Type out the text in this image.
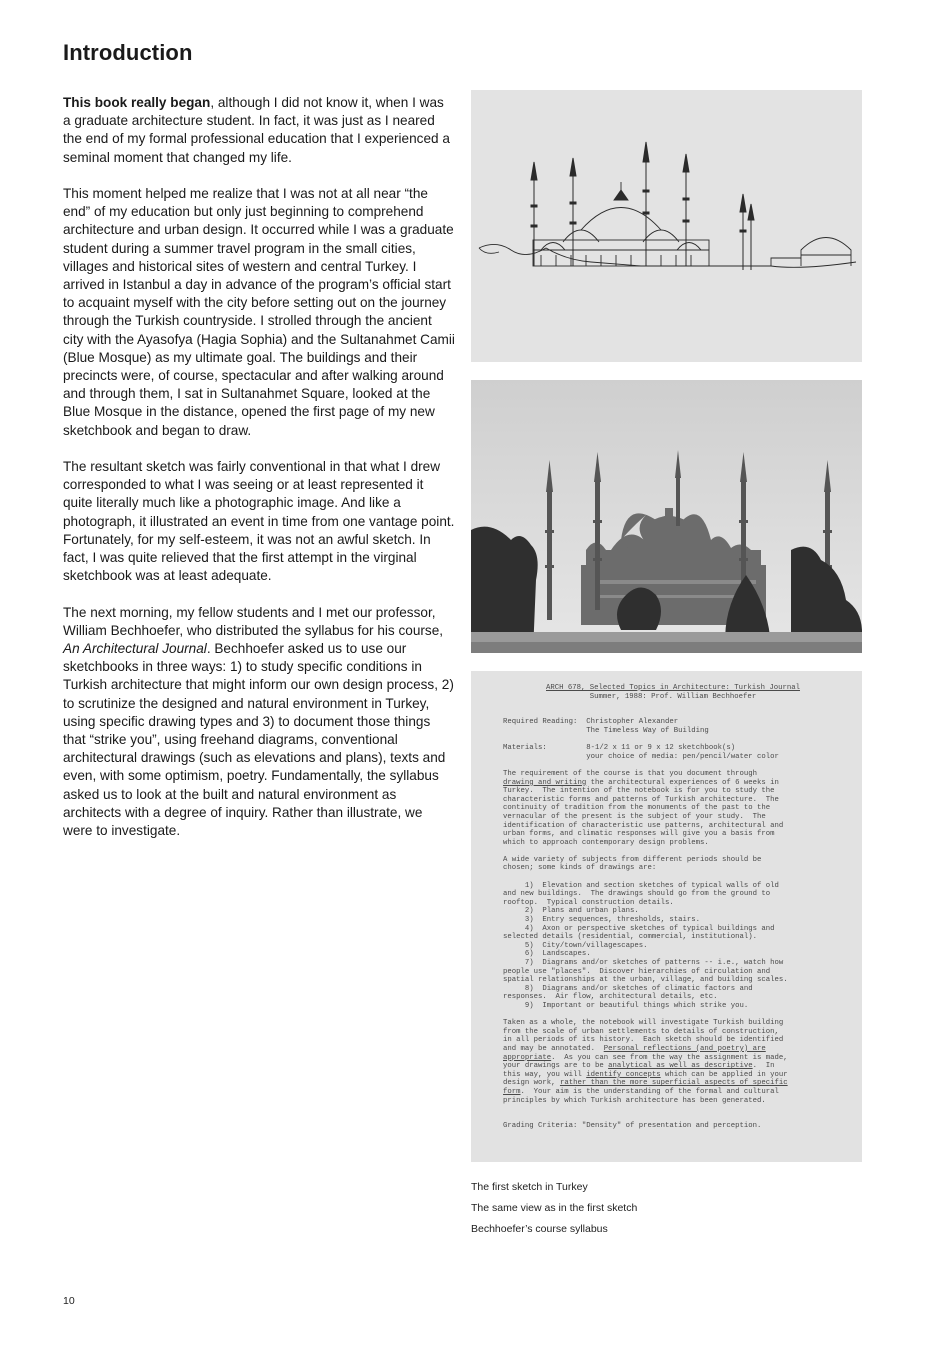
Introduction

This book really began, although I did not know it, when I was a graduate architecture student. In fact, it was just as I neared the end of my formal professional education that I experienced a seminal moment that changed my life.

This moment helped me realize that I was not at all near “the end” of my education but only just beginning to comprehend architecture and urban design. It occurred while I was a graduate student during a summer travel program in the small cities, villages and historical sites of western and central Turkey. I arrived in Istanbul a day in advance of the program’s official start to acquaint myself with the city before setting out on the journey through the Turkish countryside. I strolled through the ancient city with the Ayasofya (Hagia Sophia) and the Sultanahmet Camii (Blue Mosque) as my ultimate goal. The buildings and their precincts were, of course, spectacular and after walking around and through them, I sat in Sultanahmet Square, looked at the Blue Mosque in the distance, opened the first page of my new sketchbook and began to draw.

The resultant sketch was fairly conventional in that what I drew corresponded to what I was seeing or at least represented it quite literally much like a photographic image. And like a photograph, it illustrated an event in time from one vantage point. Fortunately, for my self-esteem, it was not an awful sketch. In fact, I was quite relieved that the first attempt in the virginal sketchbook was at least adequate.

The next morning, my fellow students and I met our professor, William Bechhoefer, who distributed the syllabus for his course, An Architectural Journal. Bechhoefer asked us to use our sketchbooks in three ways: 1) to study specific conditions in Turkish architecture that might inform our own design process, 2) to scrutinize the designed and natural environment in Turkey, using specific drawing types and 3) to document those things that “strike you”, using freehand diagrams, conventional architectural drawings (such as elevations and plans), texts and even, with some optimism, poetry. Fundamentally, the syllabus asked us to look at the built and natural environment as architects with a degree of inquiry. Rather than illustrate, we were to investigate.

ARCH 678, Selected Topics in Architecture: Turkish Journal
Summer, 1988: Prof. William Bechhoefer

Required Reading: Christopher Alexander
The Timeless Way of Building

Materials:	8-1/2 x 11 or 9 x 12 sketchbook(s)
your choice of media: pen/pencil/water color

The requirement of the course is that you document through
drawing and writing the architectural experiences of 6 weeks in
Turkey.  The intention of the notebook is for you to study the
characteristic forms and patterns of Turkish architecture.  The
continuity of tradition from the monuments of the past to the
vernacular of the present is the subject of your study.  The
identification of characteristic use patterns, architectural and
urban forms, and climatic responses will give you a basis from
which to approach contemporary design problems.

A wide variety of subjects from different periods should be
chosen; some kinds of drawings are:

1)  Elevation and section sketches of typical walls of old
and new buildings.  The drawings should go from the ground to
rooftop.  Typical construction details.
2)  Plans and urban plans.
3)  Entry sequences, thresholds, stairs.
4)  Axon or perspective sketches of typical buildings and
selected details (residential, commercial, institutional).
5)  City/town/villagescapes.
6)  Landscapes.
7)  Diagrams and/or sketches of patterns -- i.e., watch how
people use "places".  Discover hierarchies of circulation and
spatial relationships at the urban, village, and building scales.
8)  Diagrams and/or sketches of climatic factors and
responses.  Air flow, architectural details, etc.
9)  Important or beautiful things which strike you.

Taken as a whole, the notebook will investigate Turkish building
from the scale of urban settlements to details of construction,
in all periods of its history.  Each sketch should be identified
and may be annotated.  Personal reflections (and poetry) are
appropriate.  As you can see from the way the assignment is made,
your drawings are to be analytical as well as descriptive.  In
this way, you will identify concepts which can be applied in your
design work, rather than the more superficial aspects of specific
form.  Your aim is the understanding of the formal and cultural
principles by which Turkish architecture has been generated.

Grading Criteria: "Density" of presentation and perception.
The first sketch in Turkey
The same view as in the first sketch
Bechhoefer’s course syllabus
10
